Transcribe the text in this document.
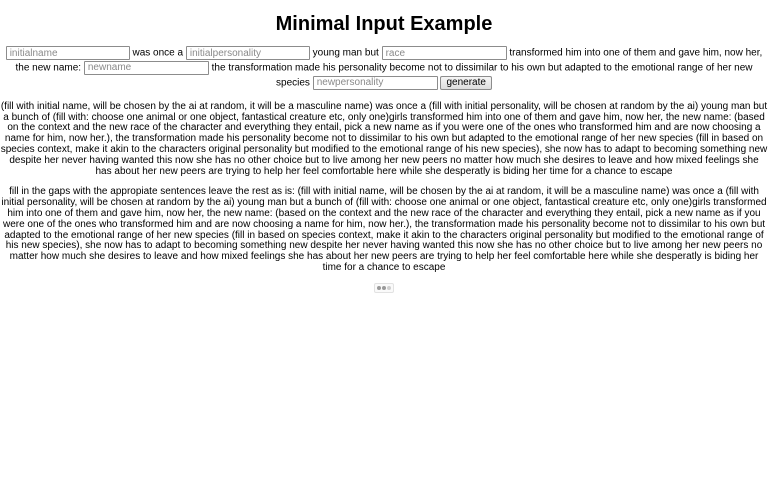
Minimal Input Example
initialname was once a initialpersonality	young man but race	transformed him into one of them and gave him, now her, the new name: newname	the transformation made his personality become not to dissimilar to his own but adapted to the emotional range of her new species newpersonality	generate

(fill with initial name, will be chosen by the ai at random, it will be a masculine name) was once a (fill with initial personality, will be chosen at random by the ai) young man but a bunch of (fill with: choose one animal or one object, fantastical creature etc, only one)girls transformed him into one of them and gave him, now her, the new name: (based on the context and the new race of the character and everything they entail, pick a new name as if you were one of the ones who transformed him and are now choosing a name for him, now her.), the transformation made his personality become not to dissimilar to his own but adapted to the emotional range of her new species (fill in based on species context, make it akin to the characters original personality but modified to the emotional range of his new species), she now has to adapt to becoming something new despite her never having wanted this now she has no other choice but to live among her new peers no matter how much she desires to leave and how mixed feelings she has about her new peers are trying to help her feel comfortable here while she desperatly is biding her time for a chance to escape

fill in the gaps with the appropiate sentences leave the rest as is: (fill with initial name, will be chosen by the ai at random, it will be a masculine name) was once a (fill with initial personality, will be chosen at random by the ai) young man but a bunch of (fill with: choose one animal or one object, fantastical creature etc, only one)girls transformed him into one of them and gave him, now her, the new name: (based on the context and the new race of the character and everything they entail, pick a new name as if you were one of the ones who transformed him and are now choosing a name for him, now her.), the transformation made his personality become not to dissimilar to his own but adapted to the emotional range of her new species (fill in based on species context, make it akin to the characters original personality but modified to the emotional range of his new species), she now has to adapt to becoming something new despite her never having wanted this now she has no other choice but to live among her new peers no matter how much she desires to leave and how mixed feelings she has about her new peers are trying to help her feel comfortable here while she desperatly is biding her time for a chance to escape
